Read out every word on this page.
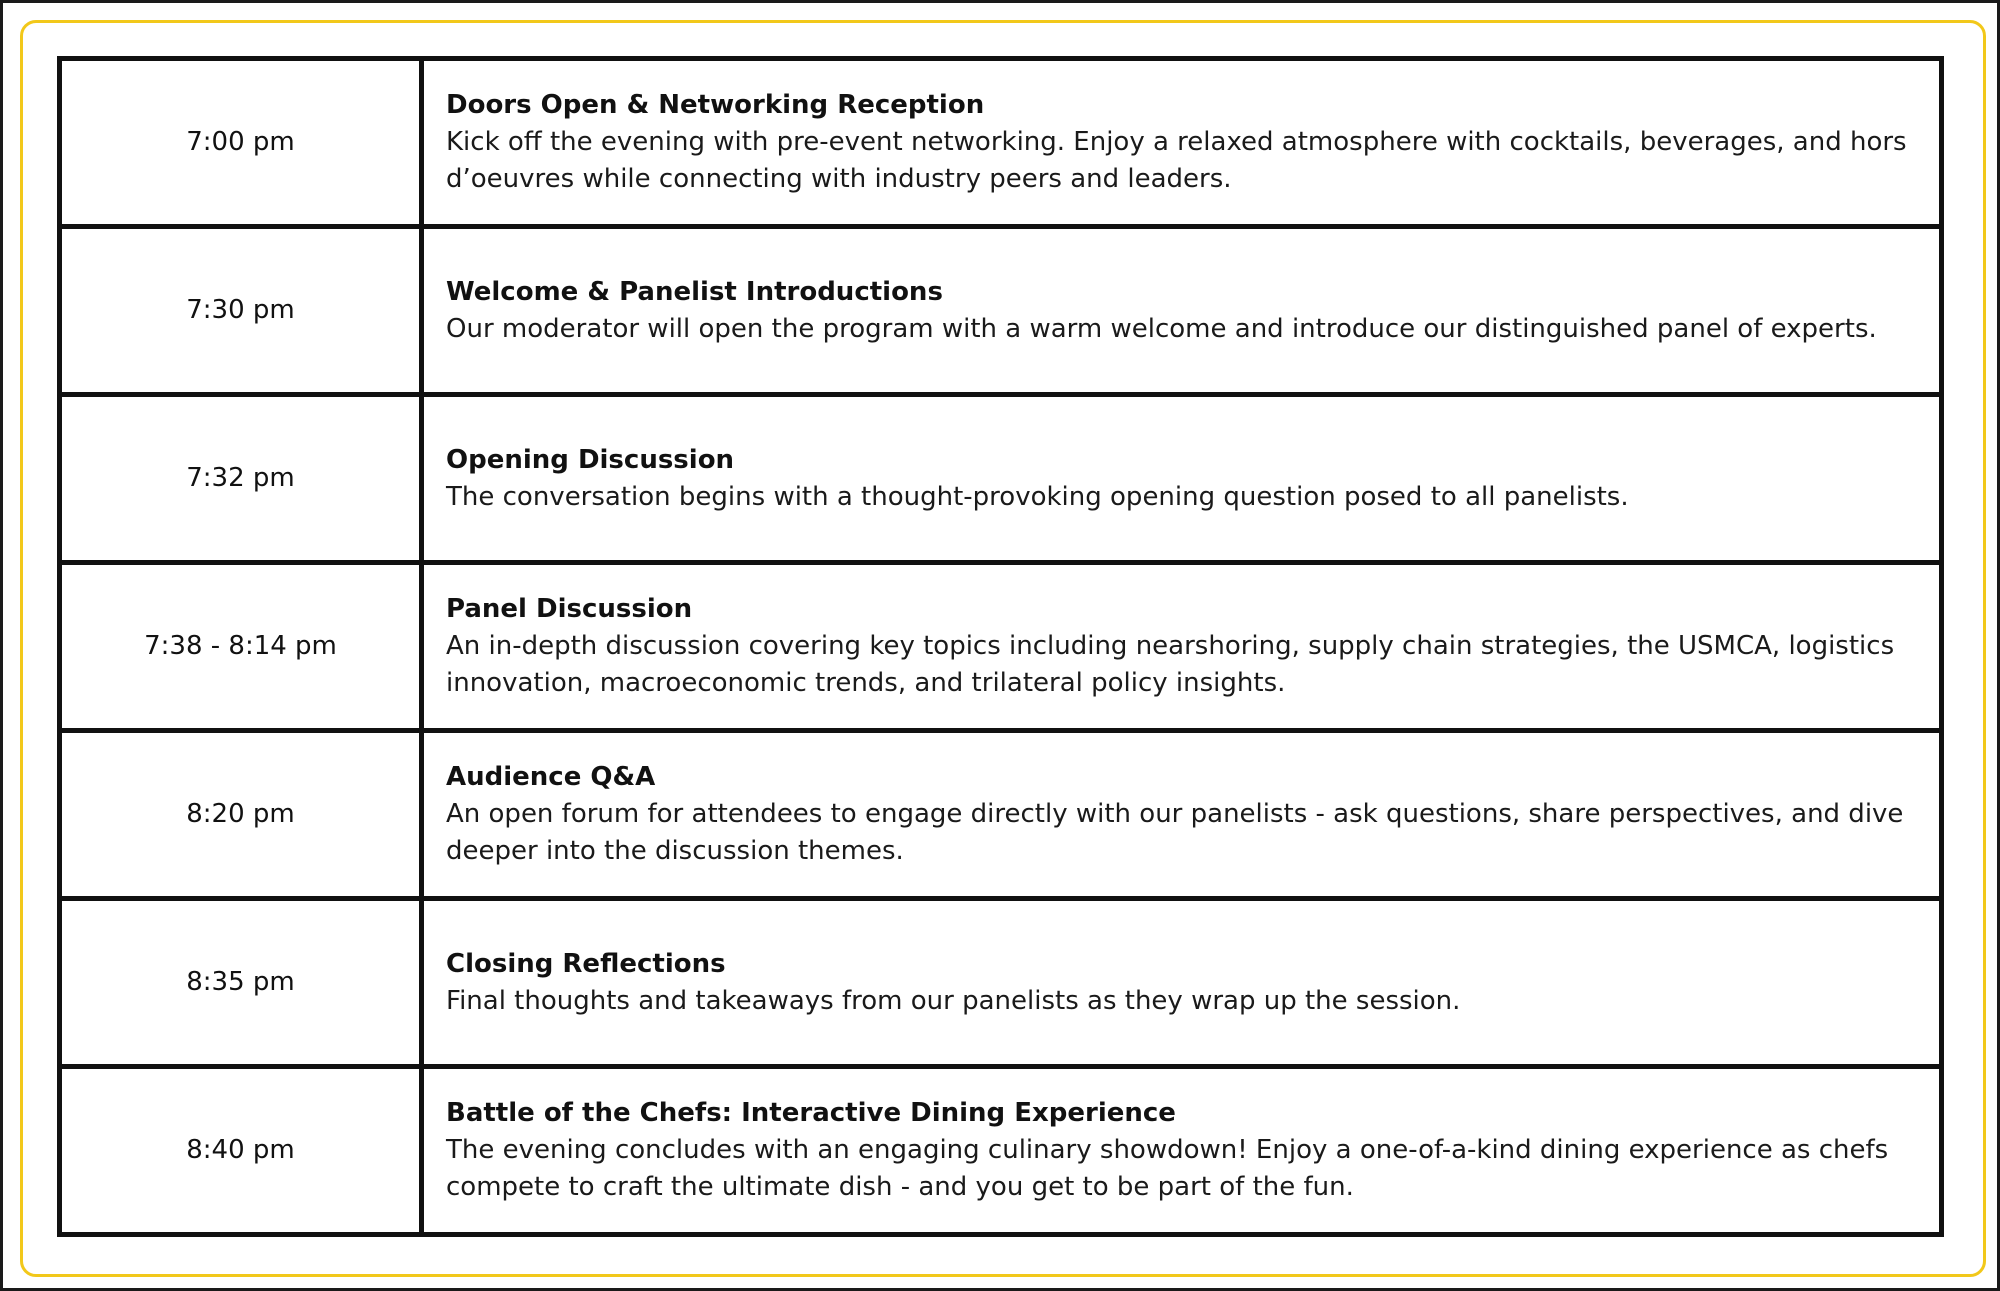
7:00 pm	Doors Open & Networking Reception
Kick off the evening with pre-event networking. Enjoy a relaxed atmosphere with cocktails, beverages, and hors d’oeuvres while connecting with industry peers and leaders.

7:30 pm	Welcome & Panelist Introductions
Our moderator will open the program with a warm welcome and introduce our distinguished panel of experts.

7:32 pm	Opening Discussion
The conversation begins with a thought-provoking opening question posed to all panelists.

7:38 - 8:14 pm	Panel Discussion
An in-depth discussion covering key topics including nearshoring, supply chain strategies, the USMCA, logistics innovation, macroeconomic trends, and trilateral policy insights.

8:20 pm	Audience Q&A
An open forum for attendees to engage directly with our panelists - ask questions, share perspectives, and dive deeper into the discussion themes.

8:35 pm	Closing Reflections
Final thoughts and takeaways from our panelists as they wrap up the session.

8:40 pm	Battle of the Chefs: Interactive Dining Experience
The evening concludes with an engaging culinary showdown! Enjoy a one-of-a-kind dining experience as chefs compete to craft the ultimate dish - and you get to be part of the fun.
